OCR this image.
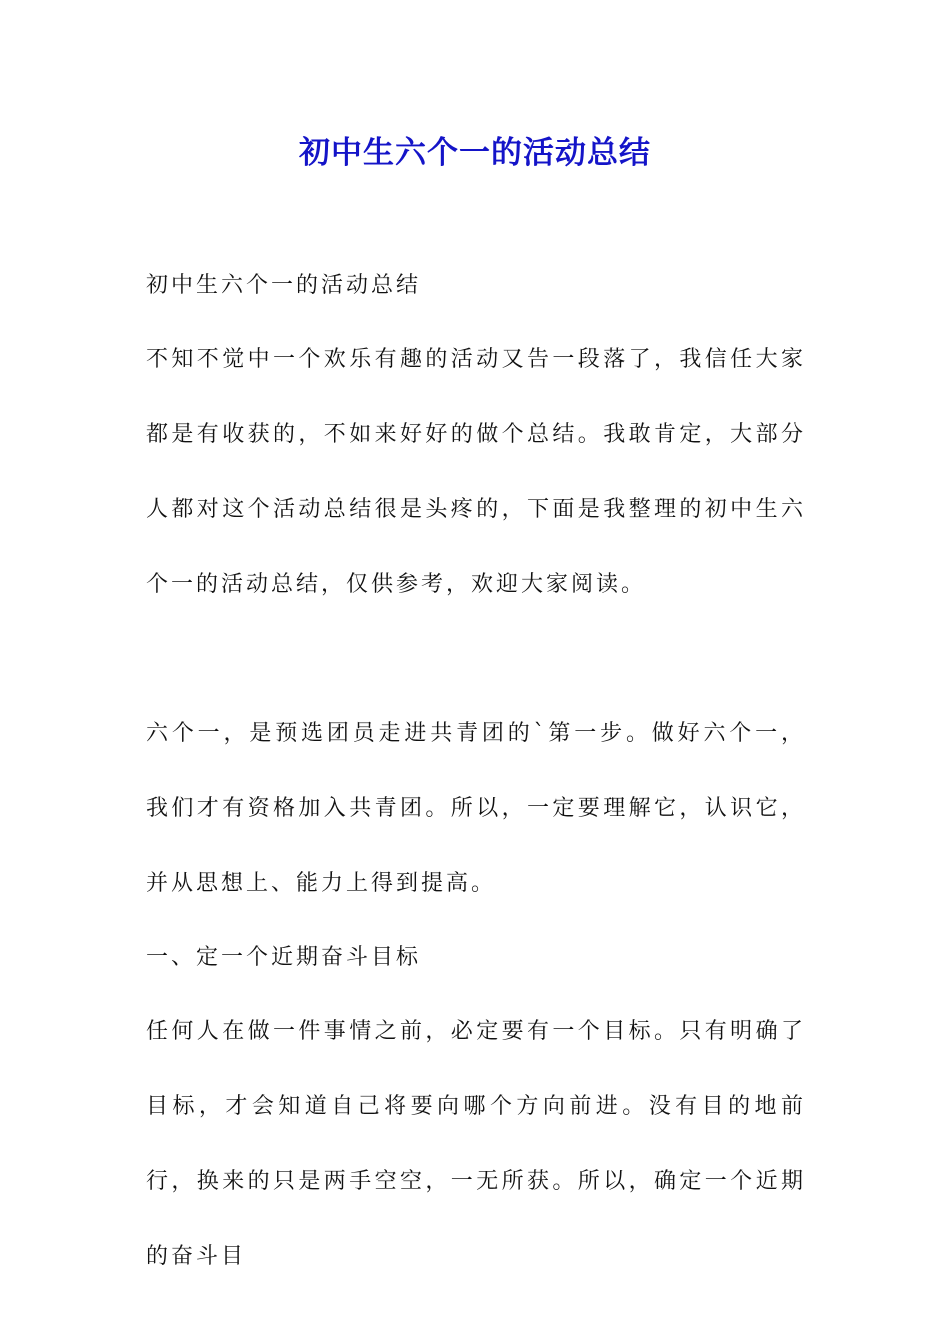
初中生六个一的活动总结

初中生六个一的活动总结

不知不觉中一个欢乐有趣的活动又告一段落了，我信任大家都是有收获的，不如来好好的做个总结。我敢肯定，大部分人都对这个活动总结很是头疼的，下面是我整理的初中生六个一的活动总结，仅供参考，欢迎大家阅读。

六个一，是预选团员走进共青团的`第一步。做好六个一，我们才有资格加入共青团。所以，一定要理解它，认识它，并从思想上、能力上得到提高。

一、定一个近期奋斗目标

任何人在做一件事情之前，必定要有一个目标。只有明确了目标，才会知道自己将要向哪个方向前进。没有目的地前行，换来的只是两手空空，一无所获。所以，确定一个近期的奋斗目
